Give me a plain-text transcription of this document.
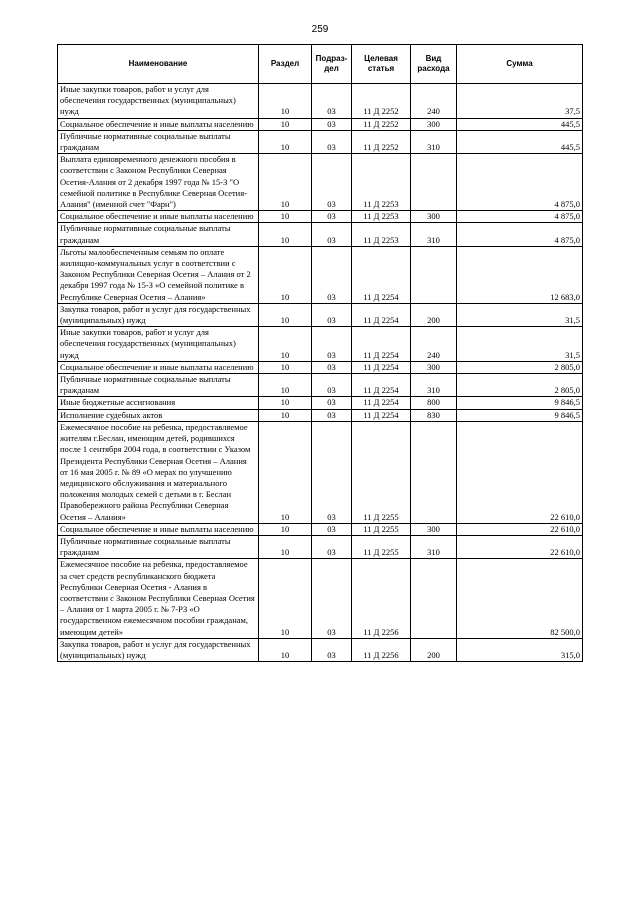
259
Наименование	Раздел	Подраз-дел	Целевая статья	Вид расхода	Сумма
Иные закупки товаров, работ и услуг для обеспечения государственных (муниципальных) нужд	10	03	11 Д 2252	240	37,5
Социальное обеспечение и иные выплаты населению	10	03	11 Д 2252	300	445,5
Публичные нормативные социальные выплаты гражданам	10	03	11 Д 2252	310	445,5
Выплата единовременного денежного пособия в соответствии с Законом Республики Северная Осетия-Алания от 2 декабря 1997 года № 15-З "О семейной политике в Республике Северная Осетия-Алания" (именной счет "Фарн")	10	03	11 Д 2253		4 875,0
Социальное обеспечение и иные выплаты населению	10	03	11 Д 2253	300	4 875,0
Публичные нормативные социальные выплаты гражданам	10	03	11 Д 2253	310	4 875,0
Льготы малообеспеченным семьям по оплате жилищно-коммунальных услуг в соответствии с Законом Республики Северная Осетия – Алания от 2 декабря 1997 года № 15-З «О семейной политике в Республике Северная Осетия – Алания»	10	03	11 Д 2254		12 683,0
Закупка товаров, работ и услуг для государственных (муниципальных) нужд	10	03	11 Д 2254	200	31,5
Иные закупки товаров, работ и услуг для обеспечения государственных (муниципальных) нужд	10	03	11 Д 2254	240	31,5
Социальное обеспечение и иные выплаты населению	10	03	11 Д 2254	300	2 805,0
Публичные нормативные социальные выплаты гражданам	10	03	11 Д 2254	310	2 805,0
Иные бюджетные ассигнования	10	03	11 Д 2254	800	9 846,5
Исполнение судебных актов	10	03	11 Д 2254	830	9 846,5
Ежемесячное пособие на ребенка, предоставляемое жителям г.Беслан, имеющим детей, родившихся после 1 сентября 2004 года, в соответствии с Указом Президента Республики Северная Осетия – Алания от 16 мая 2005 г. № 89 «О мерах по улучшению медицинского обслуживания и материального положения молодых семей с детьми в г. Беслан Правобережного района Республики Северная Осетия – Алания»	10	03	11 Д 2255		22 610,0
Социальное обеспечение и иные выплаты населению	10	03	11 Д 2255	300	22 610,0
Публичные нормативные социальные выплаты гражданам	10	03	11 Д 2255	310	22 610,0
Ежемесячное пособие на ребенка, предоставляемое за счет средств республиканского бюджета Республики Северная Осетия - Алания в соответствии с Законом Республики Северная Осетия – Алания от 1 марта 2005 г. № 7-РЗ «О государственном ежемесячном пособии гражданам, имеющим детей»	10	03	11 Д 2256		82 500,0
Закупка товаров, работ и услуг для государственных (муниципальных) нужд	10	03	11 Д 2256	200	315,0
